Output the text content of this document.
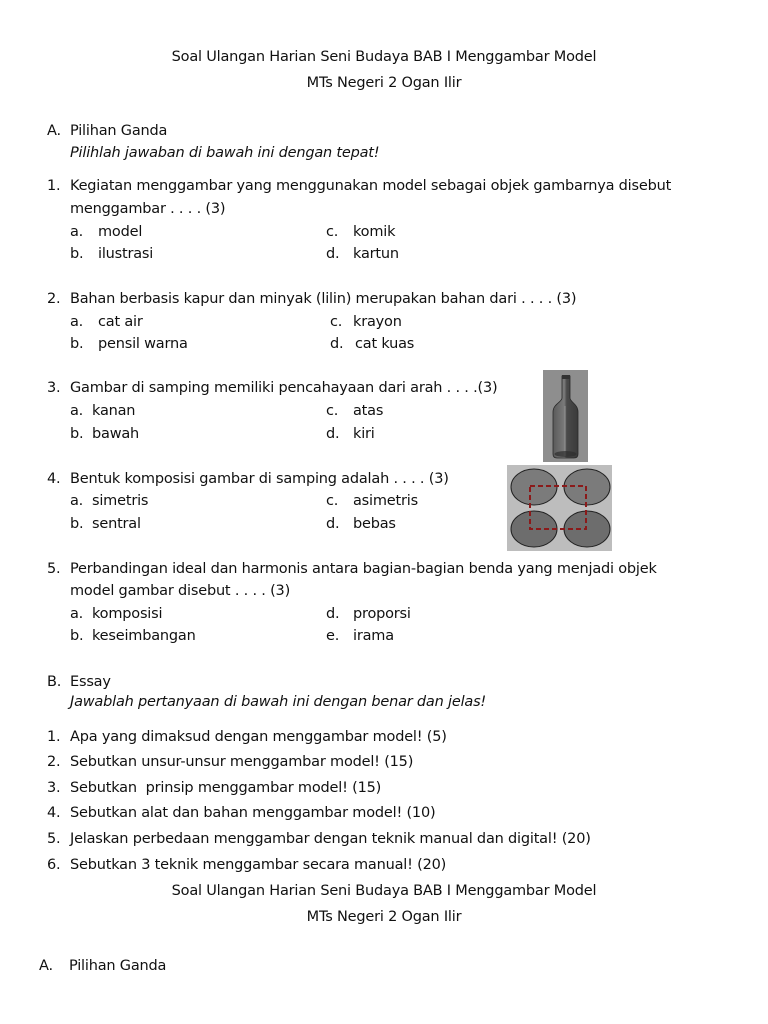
Soal Ulangan Harian Seni Budaya BAB I Menggambar Model
MTs Negeri 2 Ogan Ilir
A. Pilihan Ganda
Pilihlah jawaban di bawah ini dengan tepat!
1. Kegiatan menggambar yang menggunakan model sebagai objek gambarnya disebut
menggambar . . . . (3)
a. model	c. komik
b. ilustrasi	d. kartun
2. Bahan berbasis kapur dan minyak (lilin) merupakan bahan dari . . . . (3)
a. cat air	c. krayon
b. pensil warna	d. cat kuas
3. Gambar di samping memiliki pencahayaan dari arah . . . .(3)
a. kanan	c. atas
b. bawah	d. kiri
4. Bentuk komposisi gambar di samping adalah . . . . (3)
a. simetris	c. asimetris
b. sentral	d. bebas
5. Perbandingan ideal dan harmonis antara bagian-bagian benda yang menjadi objek
model gambar disebut . . . . (3)
a. komposisi	d. proporsi
b. keseimbangan	e. irama
B. Essay
Jawablah pertanyaan di bawah ini dengan benar dan jelas!
1. Apa yang dimaksud dengan menggambar model! (5)
2. Sebutkan unsur-unsur menggambar model! (15)
3. Sebutkan  prinsip menggambar model! (15)
4. Sebutkan alat dan bahan menggambar model! (10)
5. Jelaskan perbedaan menggambar dengan teknik manual dan digital! (20)
6. Sebutkan 3 teknik menggambar secara manual! (20)
Soal Ulangan Harian Seni Budaya BAB I Menggambar Model
MTs Negeri 2 Ogan Ilir
A. Pilihan Ganda
